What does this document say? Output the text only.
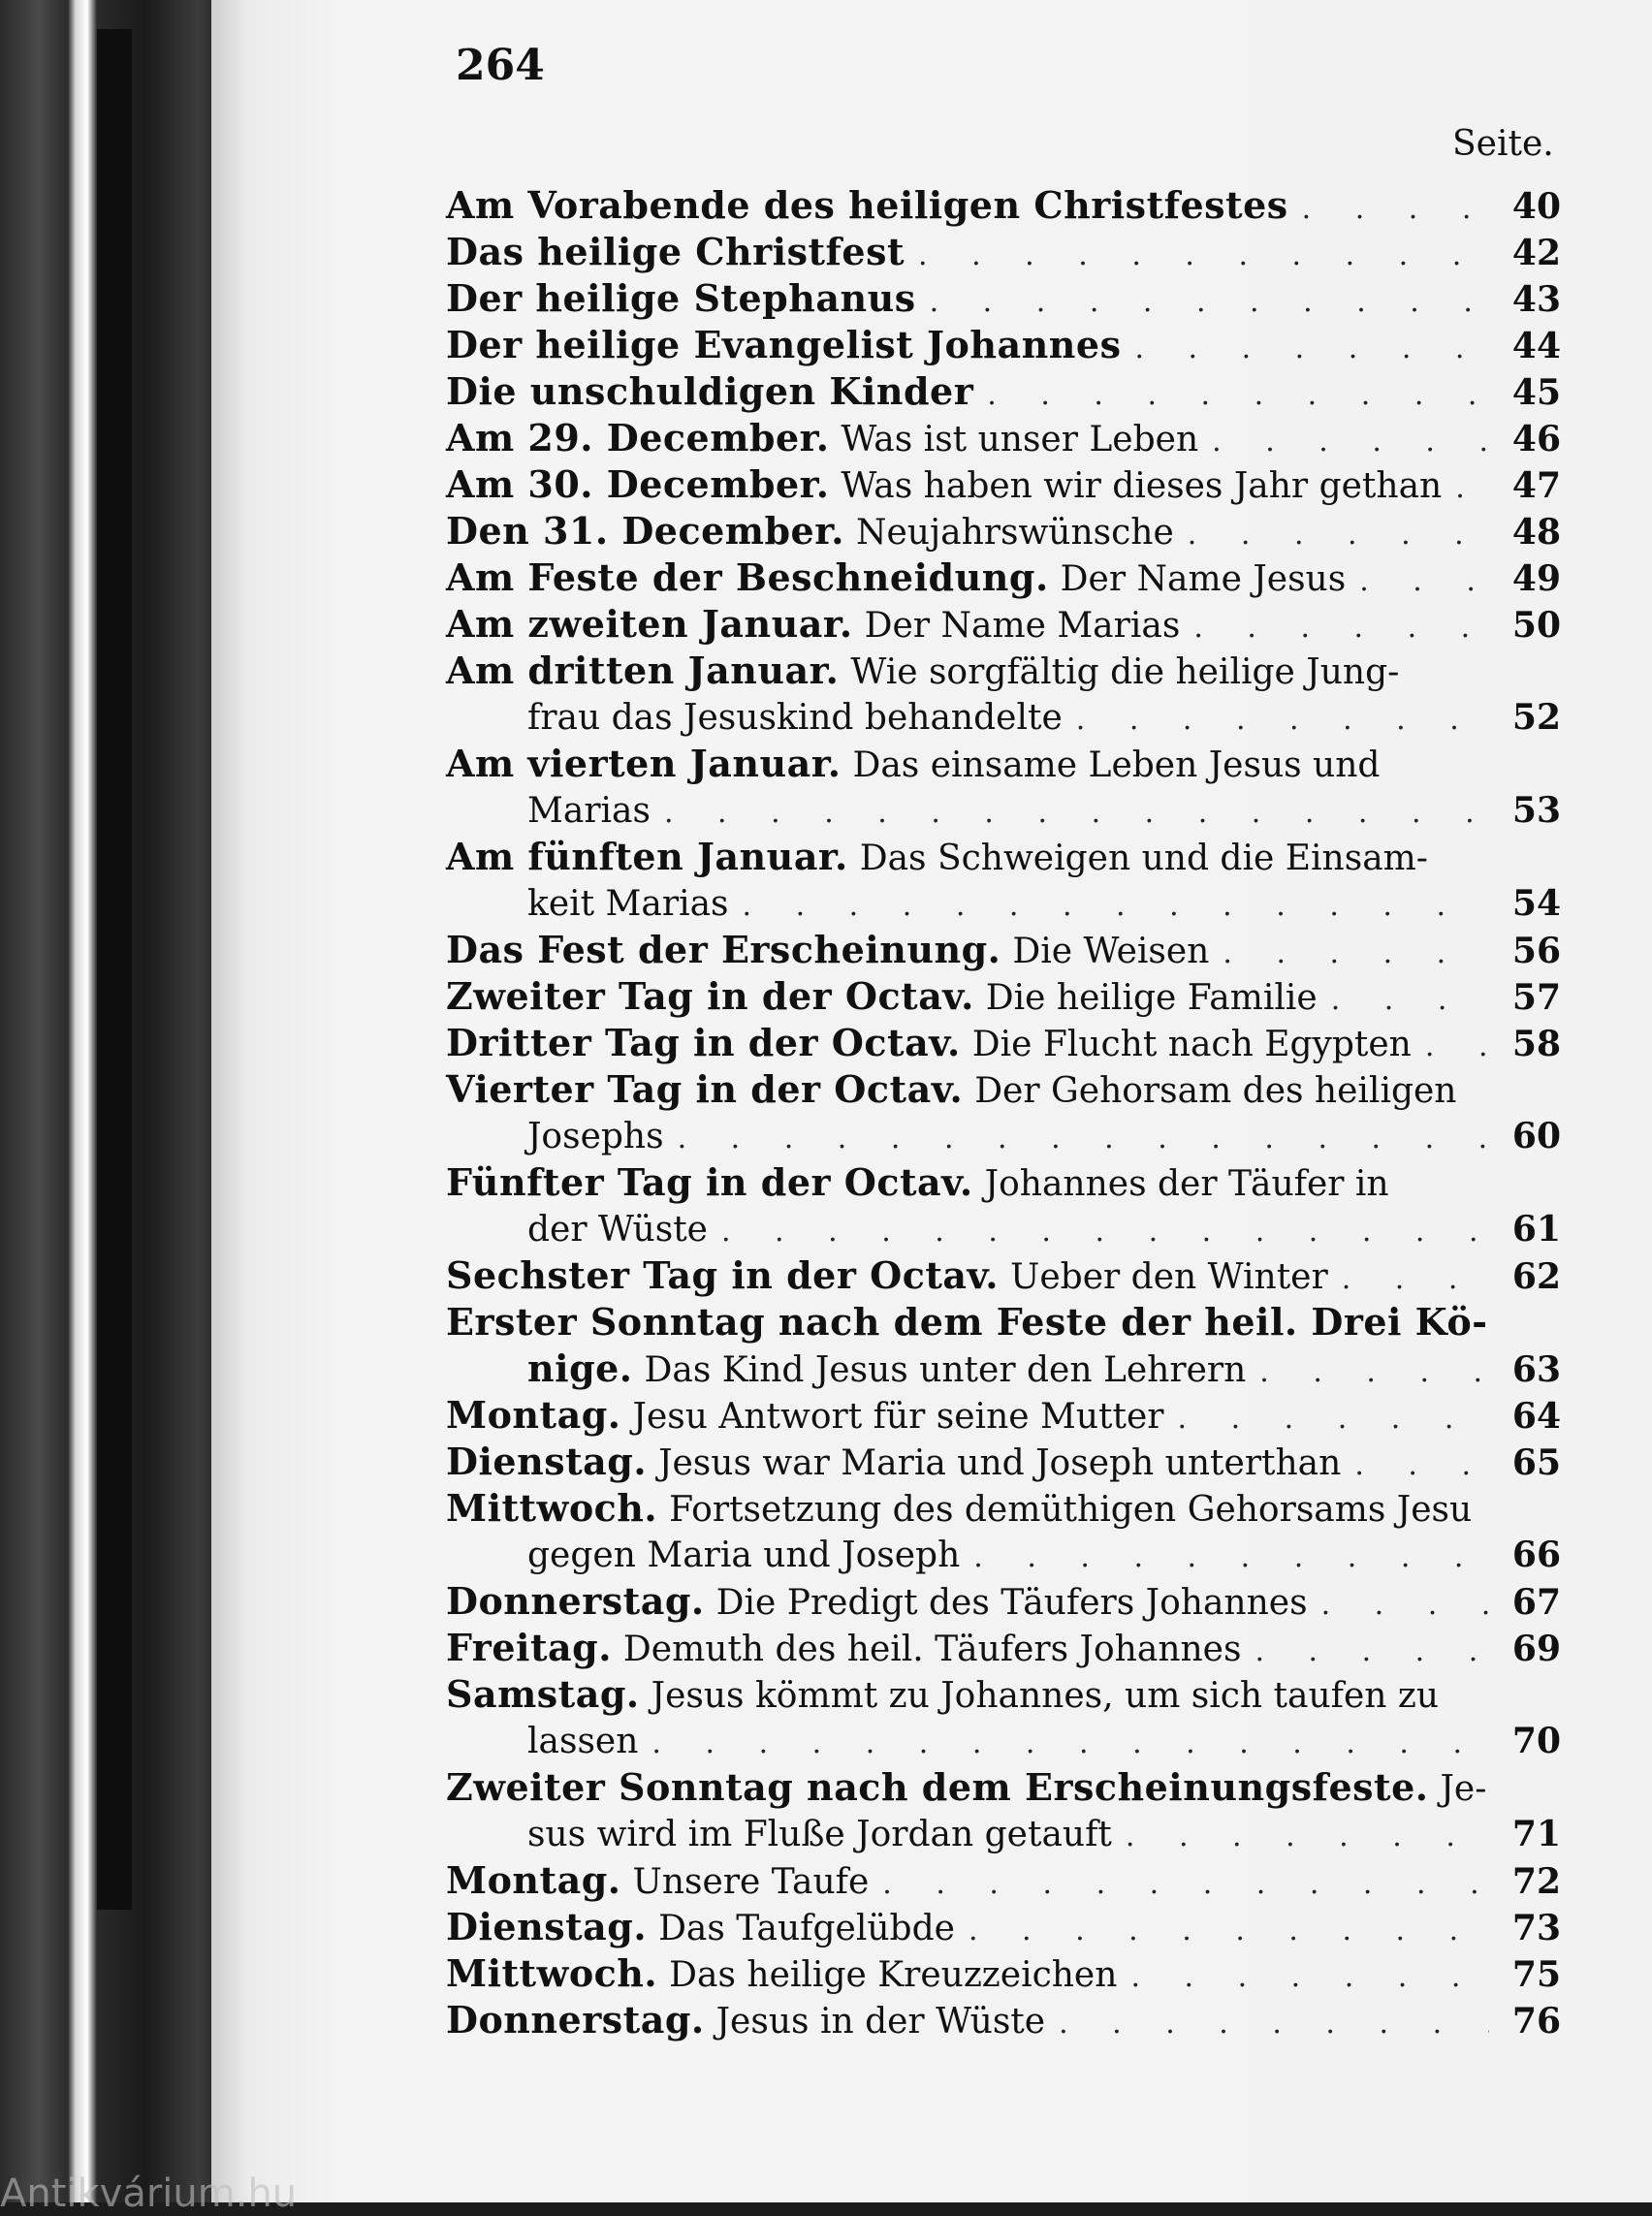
264
Seite.
Am Vorabende des heiligen Christfestes . . .	40
Das heilige Christfest . . .	42
Der heilige Stephanus . . .	43
Der heilige Evangelist Johannes . . .	44
Die unschuldigen Kinder . . .	45
Am 29. December. Was ist unser Leben . . .	46
Am 30. December. Was haben wir dieses Jahr gethan . . . 47
Den 31. December. Neujahrswünsche . . .	48
Am Feste der Beschneidung. Der Name Jesus . . .	49
Am zweiten Januar. Der Name Marias . . .	50
Am dritten Januar. Wie sorgfältig die heilige Jung-
frau das Jesuskind behandelte . . .	52
Am vierten Januar. Das einsame Leben Jesus und
Marias . . .	53
Am fünften Januar. Das Schweigen und die Einsam-
keit Marias . . .	54
Das Fest der Erscheinung. Die Weisen . . .	56
Zweiter Tag in der Octav. Die heilige Familie . . .	57
Dritter Tag in der Octav. Die Flucht nach Egypten . . .	58
Vierter Tag in der Octav. Der Gehorsam des heiligen
Josephs . . .	60
Fünfter Tag in der Octav. Johannes der Täufer in
der Wüste . . .	61
Sechster Tag in der Octav. Ueber den Winter . . .	62
Erster Sonntag nach dem Feste der heil. Drei Kö-
nige. Das Kind Jesus unter den Lehrern . . .	63
Montag. Jesu Antwort für seine Mutter . . .	64
Dienstag. Jesus war Maria und Joseph unterthan . . .	65
Mittwoch. Fortsetzung des demüthigen Gehorsams Jesu
gegen Maria und Joseph . . .	66
Donnerstag. Die Predigt des Täufers Johannes . . .	67
Freitag. Demuth des heil. Täufers Johannes . . .	69
Samstag. Jesus kömmt zu Johannes, um sich taufen zu
lassen . . .	70
Zweiter Sonntag nach dem Erscheinungsfeste. Je-
sus wird im Fluße Jordan getauft . . .	71
Montag. Unsere Taufe . . .	72
Dienstag. Das Taufgelübde . . .	73
Mittwoch. Das heilige Kreuzzeichen . . .	75
Donnerstag. Jesus in der Wüste . . .	76
Antikvárium.hu
